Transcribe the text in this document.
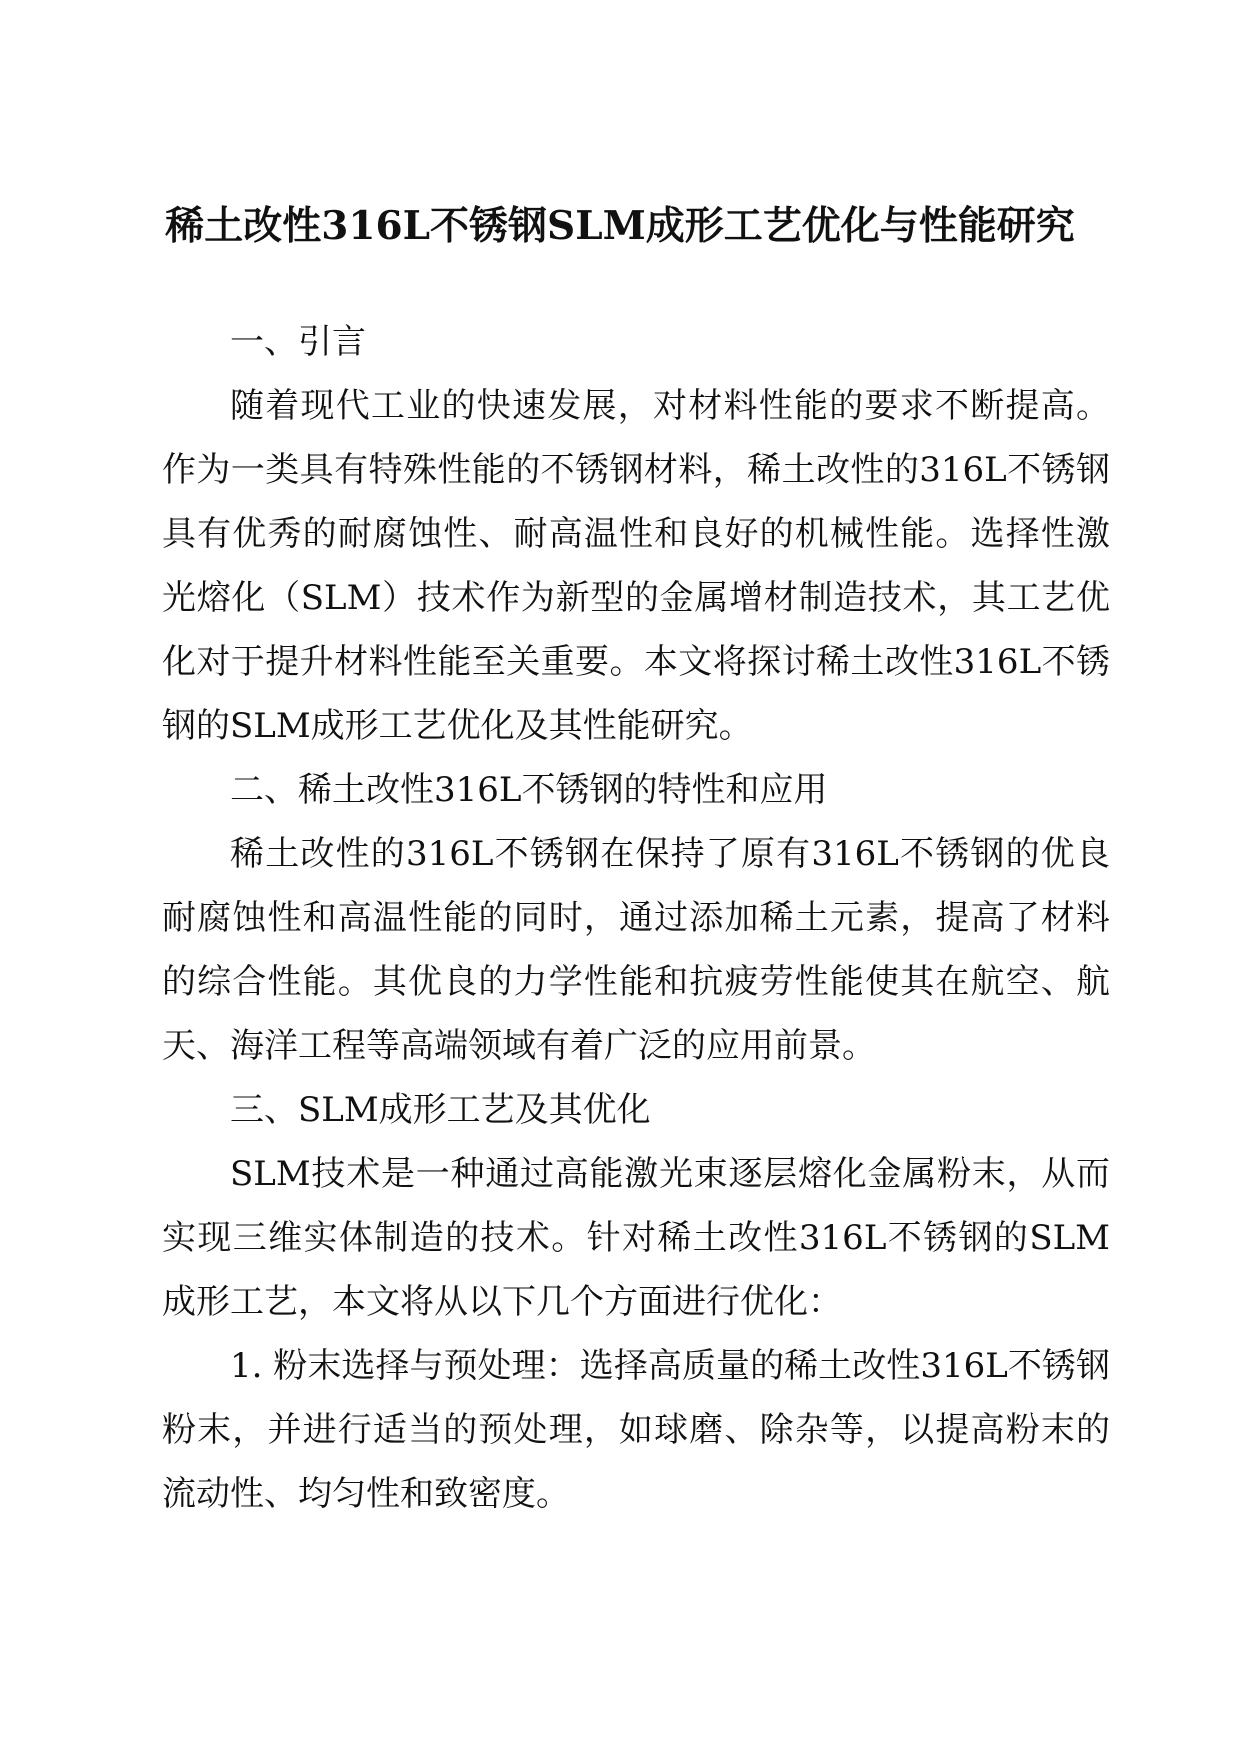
稀土改性316L不锈钢SLM成形工艺优化与性能研究
一、引言

随着现代工业的快速发展，对材料性能的要求不断提高。作为一类具有特殊性能的不锈钢材料，稀土改性的316L不锈钢具有优秀的耐腐蚀性、耐高温性和良好的机械性能。选择性激光熔化（SLM）技术作为新型的金属增材制造技术，其工艺优化对于提升材料性能至关重要。本文将探讨稀土改性316L不锈钢的SLM成形工艺优化及其性能研究。

二、稀土改性316L不锈钢的特性和应用

稀土改性的316L不锈钢在保持了原有316L不锈钢的优良耐腐蚀性和高温性能的同时，通过添加稀土元素，提高了材料的综合性能。其优良的力学性能和抗疲劳性能使其在航空、航天、海洋工程等高端领域有着广泛的应用前景。

三、SLM成形工艺及其优化

SLM技术是一种通过高能激光束逐层熔化金属粉末，从而实现三维实体制造的技术。针对稀土改性316L不锈钢的SLM成形工艺，本文将从以下几个方面进行优化：

1. 粉末选择与预处理：选择高质量的稀土改性316L不锈钢粉末，并进行适当的预处理，如球磨、除杂等，以提高粉末的流动性、均匀性和致密度。
